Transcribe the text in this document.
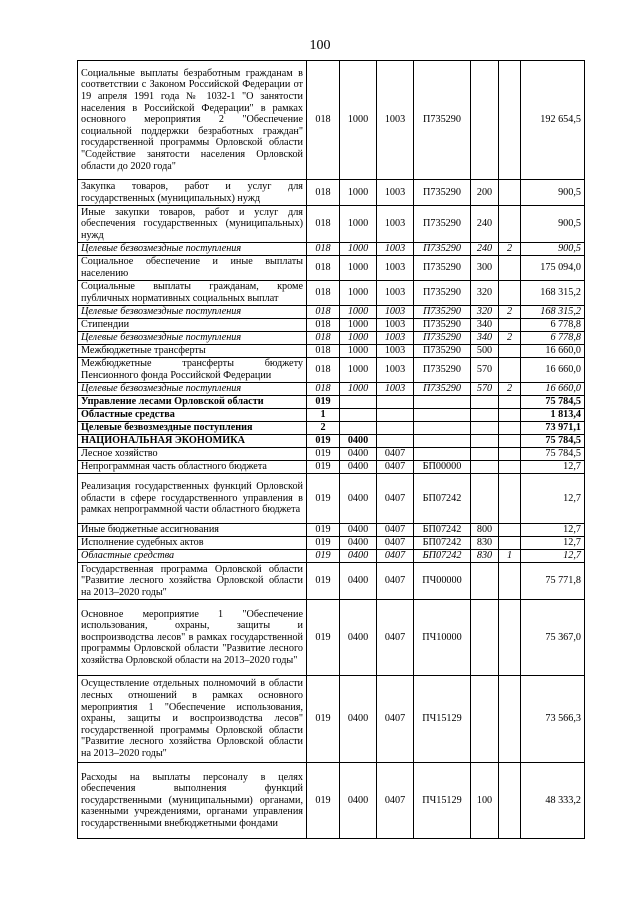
100
Социальные выплаты безработным гражданам в соответствии с Законом Российской Федерации от 19 апреля 1991 года № 1032-1 "О занятости населения в Российской Федерации" в рамках основного мероприятия 2 "Обеспечение социальной поддержки безработных граждан" государственной программы Орловской области "Содействие занятости населения Орловской области до 2020 года"	018	1000	1003	П735290			192 654,5
Закупка товаров, работ и услуг для государственных (муниципальных) нужд	018	1000	1003	П735290	200		900,5
Иные закупки товаров, работ и услуг для обеспечения государственных (муниципальных) нужд	018	1000	1003	П735290	240		900,5
Целевые безвозмездные поступления	018	1000	1003	П735290	240	2	900,5
Социальное обеспечение и иные выплаты населению	018	1000	1003	П735290	300		175 094,0
Социальные выплаты гражданам, кроме публичных нормативных социальных выплат	018	1000	1003	П735290	320		168 315,2
Целевые безвозмездные поступления	018	1000	1003	П735290	320	2	168 315,2
Стипендии	018	1000	1003	П735290	340		6 778,8
Целевые безвозмездные поступления	018	1000	1003	П735290	340	2	6 778,8
Межбюджетные трансферты	018	1000	1003	П735290	500		16 660,0
Межбюджетные трансферты бюджету Пенсионного фонда Российской Федерации	018	1000	1003	П735290	570		16 660,0
Целевые безвозмездные поступления	018	1000	1003	П735290	570	2	16 660,0
Управление лесами Орловской области	019						75 784,5
Областные средства	1						1 813,4
Целевые безвозмездные поступления	2						73 971,1
НАЦИОНАЛЬНАЯ ЭКОНОМИКА	019	0400					75 784,5
Лесное хозяйство	019	0400	0407				75 784,5
Непрограммная часть областного бюджета	019	0400	0407	БП00000			12,7
Реализация государственных функций Орловской области в сфере государственного управления в рамках непрограммной части областного бюджета	019	0400	0407	БП07242			12,7
Иные бюджетные ассигнования	019	0400	0407	БП07242	800		12,7
Исполнение судебных актов	019	0400	0407	БП07242	830		12,7
Областные средства	019	0400	0407	БП07242	830	1	12,7
Государственная программа Орловской области "Развитие лесного хозяйства Орловской области на 2013–2020 годы"	019	0400	0407	ПЧ00000			75 771,8
Основное мероприятие 1 "Обеспечение использования, охраны, защиты и воспроизводства лесов" в рамках государственной программы Орловской области "Развитие лесного хозяйства Орловской области на 2013–2020 годы"	019	0400	0407	ПЧ10000			75 367,0
Осуществление отдельных полномочий в области лесных отношений в рамках основного мероприятия 1 "Обеспечение использования, охраны, защиты и воспроизводства лесов" государственной программы Орловской области "Развитие лесного хозяйства Орловской области на 2013–2020 годы"	019	0400	0407	ПЧ15129			73 566,3
Расходы на выплаты персоналу в целях обеспечения выполнения функций государственными (муниципальными) органами, казенными учреждениями, органами управления государственными внебюджетными фондами	019	0400	0407	ПЧ15129	100		48 333,2
